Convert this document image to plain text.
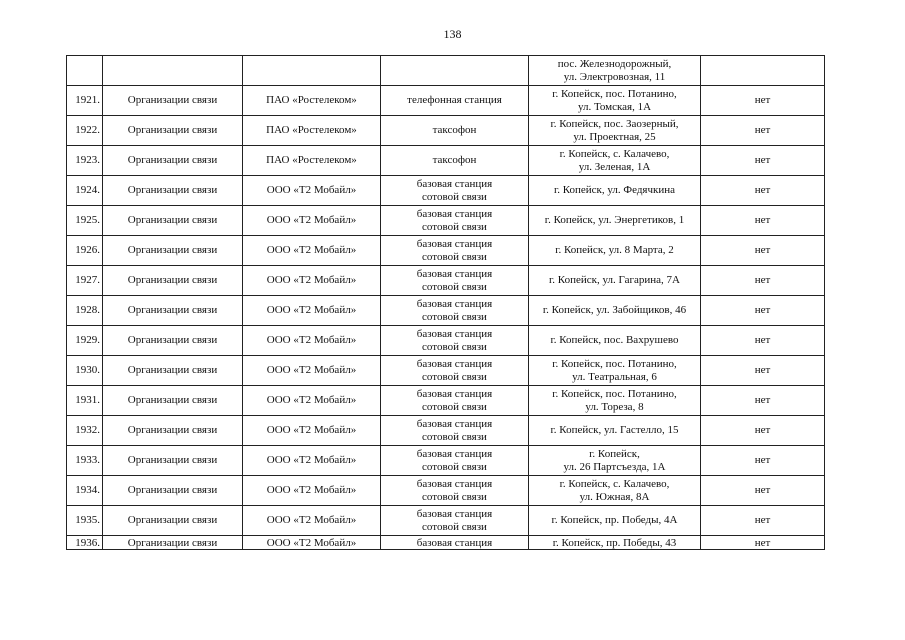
138

				пос. Железнодорожный,
ул. Электровозная, 11	

1921.	Организации связи	ПАО «Ростелеком»	телефонная станция	г. Копейск, пос. Потанино,
ул. Томская, 1А	нет

1922.	Организации связи	ПАО «Ростелеком»	таксофон	г. Копейск, пос. Заозерный,
ул. Проектная, 25	нет

1923.	Организации связи	ПАО «Ростелеком»	таксофон	г. Копейск, с. Калачево,
ул. Зеленая, 1А	нет

1924.	Организации связи	ООО «Т2 Мобайл»	базовая станция
сотовой связи	г. Копейск, ул. Федячкина	нет

1925.	Организации связи	ООО «Т2 Мобайл»	базовая станция
сотовой связи	г. Копейск, ул. Энергетиков, 1	нет

1926.	Организации связи	ООО «Т2 Мобайл»	базовая станция
сотовой связи	г. Копейск, ул. 8 Марта, 2	нет

1927.	Организации связи	ООО «Т2 Мобайл»	базовая станция
сотовой связи	г. Копейск, ул. Гагарина, 7А	нет

1928.	Организации связи	ООО «Т2 Мобайл»	базовая станция
сотовой связи	г. Копейск, ул. Забойщиков, 46	нет

1929.	Организации связи	ООО «Т2 Мобайл»	базовая станция
сотовой связи	г. Копейск, пос. Вахрушево	нет

1930.	Организации связи	ООО «Т2 Мобайл»	базовая станция
сотовой связи	г. Копейск, пос. Потанино,
ул. Театральная, 6	нет

1931.	Организации связи	ООО «Т2 Мобайл»	базовая станция
сотовой связи	г. Копейск, пос. Потанино,
ул. Тореза, 8	нет

1932.	Организации связи	ООО «Т2 Мобайл»	базовая станция
сотовой связи	г. Копейск, ул. Гастелло, 15	нет

1933.	Организации связи	ООО «Т2 Мобайл»	базовая станция
сотовой связи	г. Копейск,
ул. 26 Партсъезда, 1А	нет

1934.	Организации связи	ООО «Т2 Мобайл»	базовая станция
сотовой связи	г. Копейск, с. Калачево,
ул. Южная, 8А	нет

1935.	Организации связи	ООО «Т2 Мобайл»	базовая станция
сотовой связи	г. Копейск, пр. Победы, 4А	нет

1936.	Организации связи	ООО «Т2 Мобайл»	базовая станция	г. Копейск, пр. Победы, 43	нет
